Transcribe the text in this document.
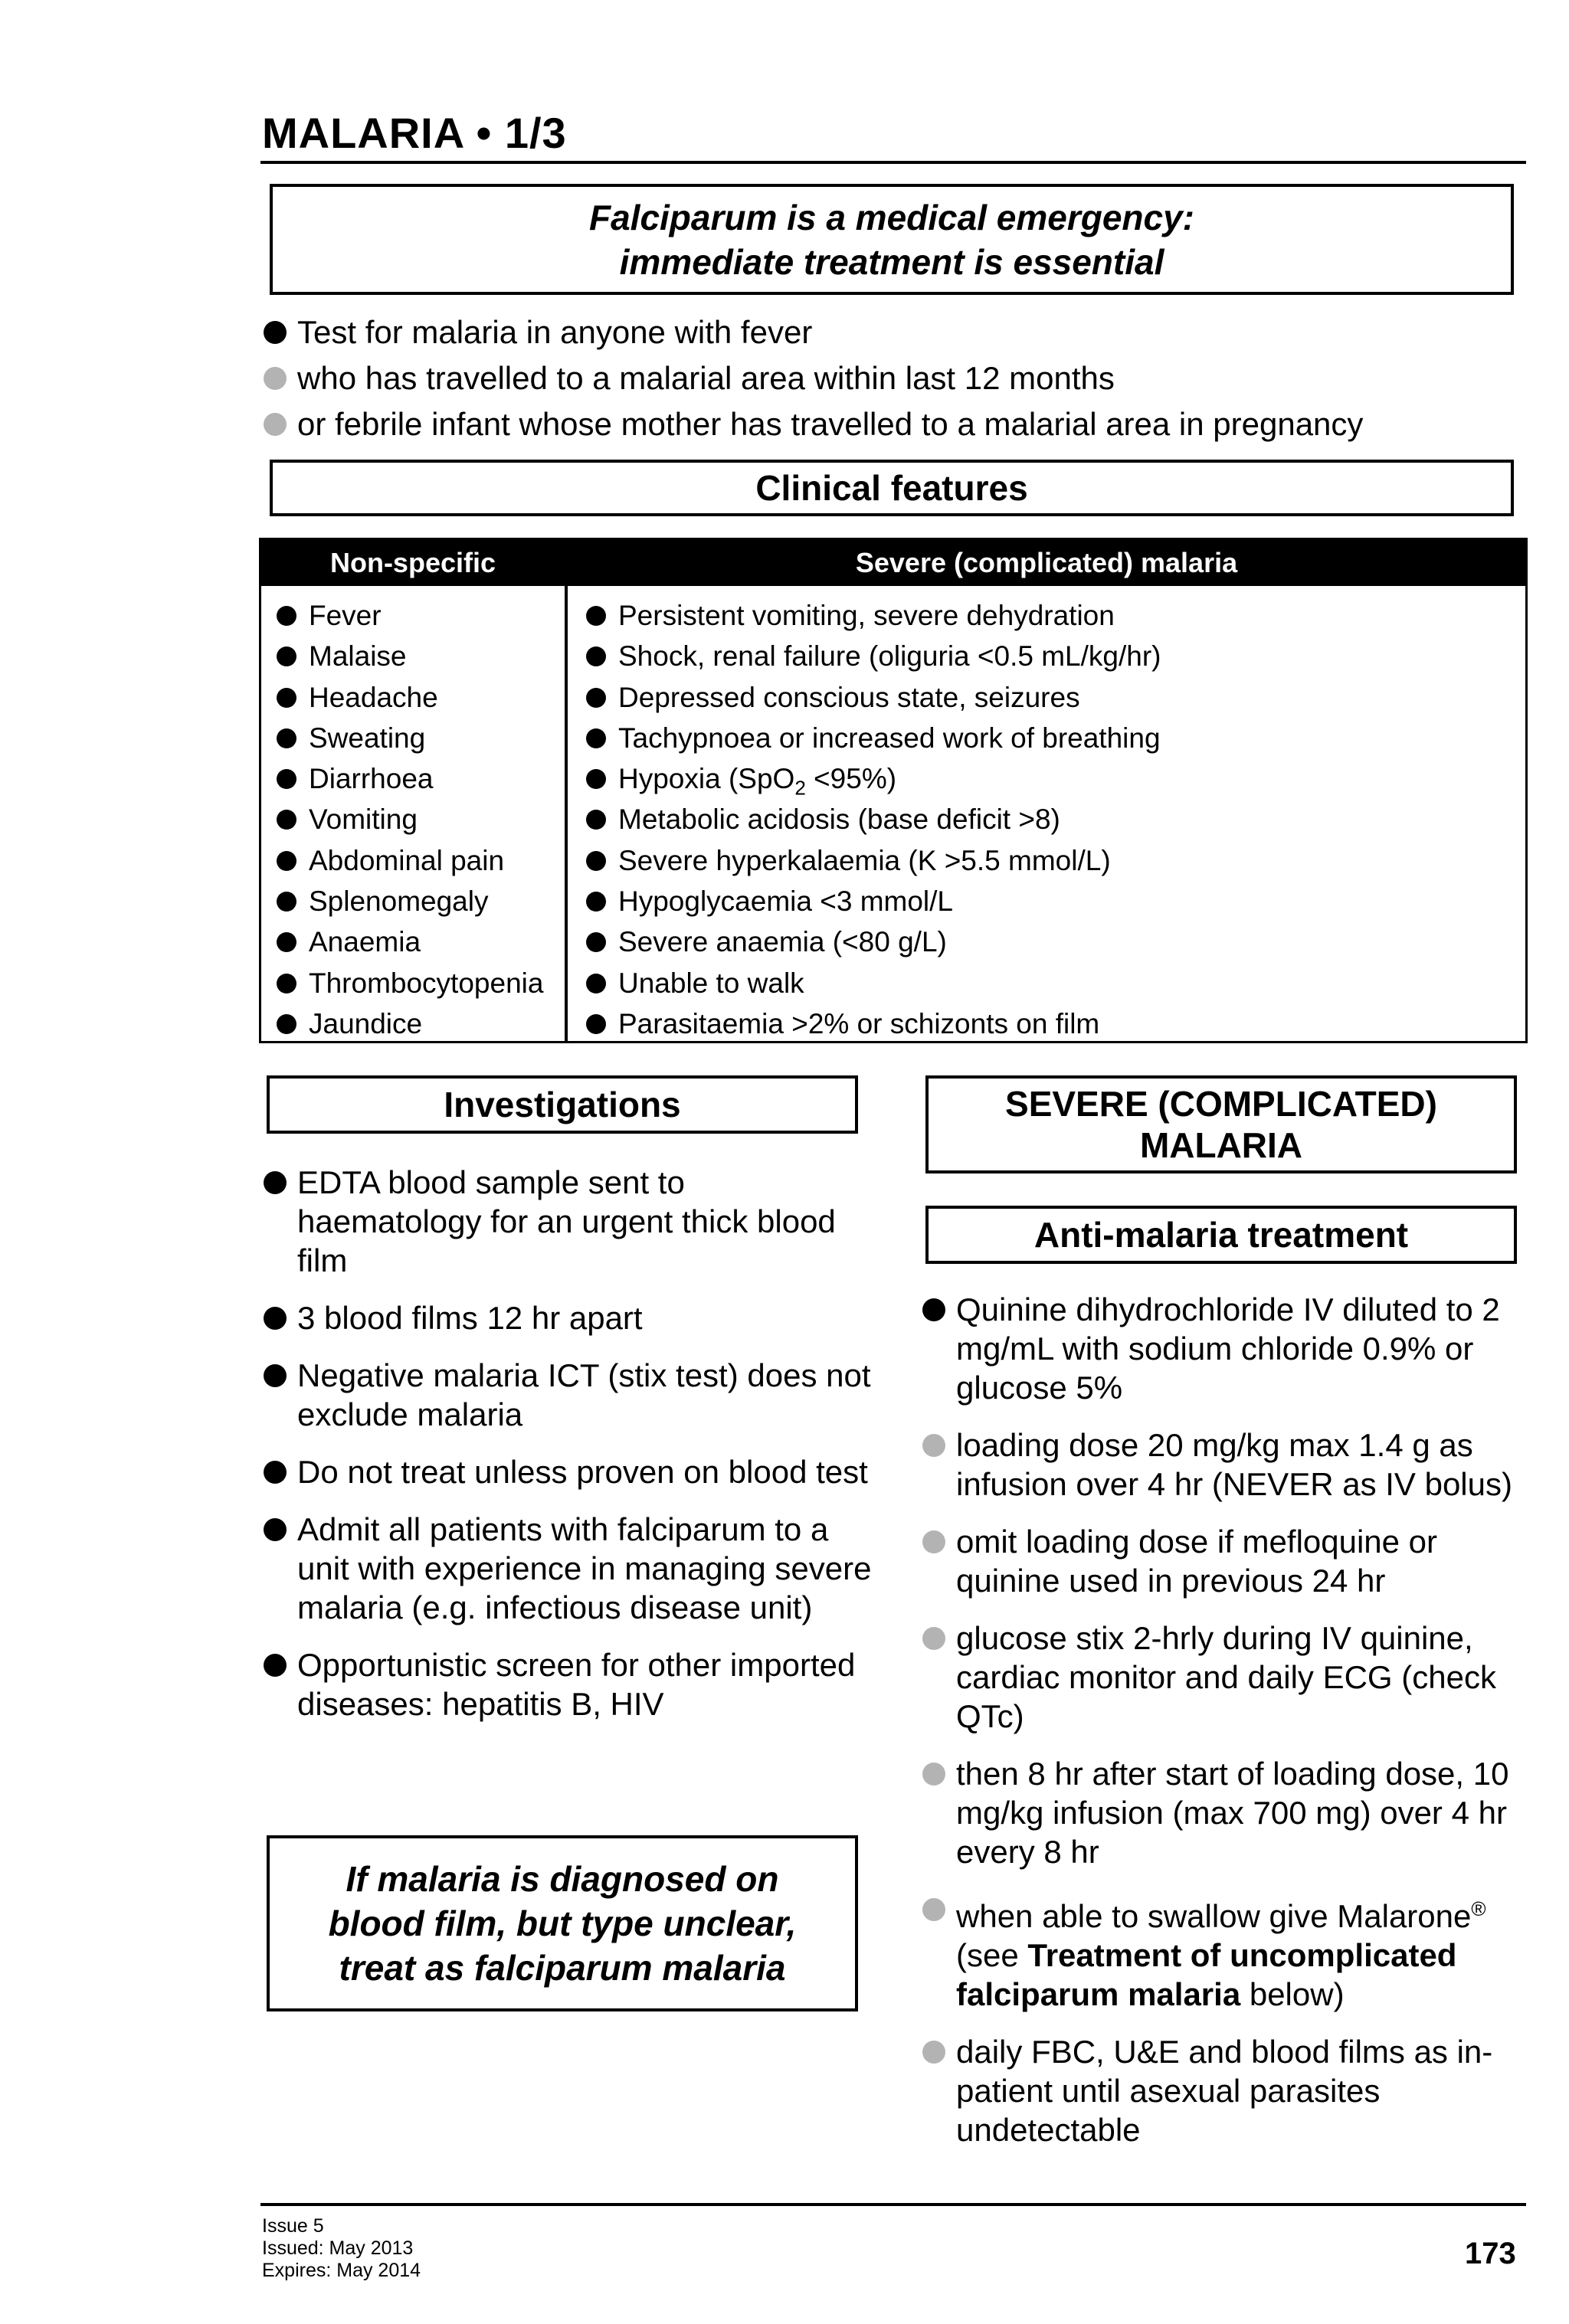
MALARIA • 1/3
Falciparum is a medical emergency:
immediate treatment is essential
Test for malaria in anyone with fever
who has travelled to a malarial area within last 12 months
or febrile infant whose mother has travelled to a malarial area in pregnancy
Clinical features
Non-specific	Severe (complicated) malaria
Fever
Malaise
Headache
Sweating
Diarrhoea
Vomiting
Abdominal pain
Splenomegaly
Anaemia
Thrombocytopenia
Jaundice
Persistent vomiting, severe dehydration
Shock, renal failure (oliguria <0.5 mL/kg/hr)
Depressed conscious state, seizures
Tachypnoea or increased work of breathing
Hypoxia (SpO$_2$ <95%)
Metabolic acidosis (base deficit >8)
Severe hyperkalaemia (K >5.5 mmol/L)
Hypoglycaemia <3 mmol/L
Severe anaemia (<80 g/L)
Unable to walk
Parasitaemia >2% or schizonts on film
Investigations
EDTA blood sample sent to haematology for an urgent thick blood film
3 blood films 12 hr apart
Negative malaria ICT (stix test) does not exclude malaria
Do not treat unless proven on blood test
Admit all patients with falciparum to a unit with experience in managing severe malaria (e.g. infectious disease unit)
Opportunistic screen for other imported diseases: hepatitis B, HIV
If malaria is diagnosed on
blood film, but type unclear,
treat as falciparum malaria
SEVERE (COMPLICATED)
MALARIA
Anti-malaria treatment
Quinine dihydrochloride IV diluted to 2 mg/mL with sodium chloride 0.9% or glucose 5%
loading dose 20 mg/kg max 1.4 g as infusion over 4 hr (NEVER as IV bolus)
omit loading dose if mefloquine or quinine used in previous 24 hr
glucose stix 2-hrly during IV quinine, cardiac monitor and daily ECG (check QTc)
then 8 hr after start of loading dose, 10 mg/kg infusion (max 700 mg) over 4 hr every 8 hr
when able to swallow give Malarone® (see Treatment of uncomplicated falciparum malaria below)
daily FBC, U&E and blood films as in-patient until asexual parasites undetectable
Issue 5
Issued: May 2013
Expires: May 2014	173
